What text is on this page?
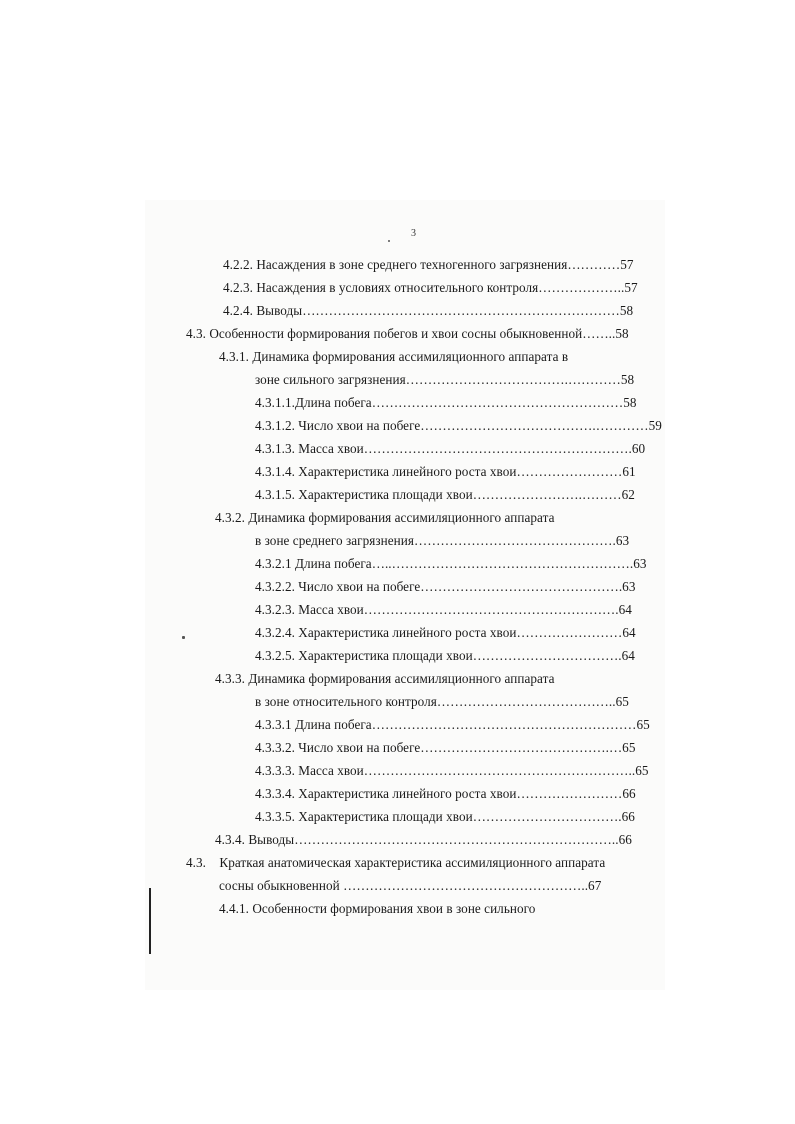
3
4.2.2. Насаждения в зоне среднего техногенного загрязнения…………57
4.2.3. Насаждения в условиях относительного контроля………………..57
4.2.4. Выводы………………………………………………………………58
4.3. Особенности формирования побегов и хвои сосны обыкновенной……..58
4.3.1. Динамика формирования ассимиляционного аппарата в
зоне сильного загрязнения……………………………….…………58
4.3.1.1.Длина побега…………………………………………………58
4.3.1.2. Число хвои на побеге………………………………….…………59
4.3.1.3. Масса хвои…………………………………………………….60
4.3.1.4. Характеристика линейного роста хвои……………………61
4.3.1.5. Характеристика площади хвои…………………….………62
4.3.2. Динамика формирования ассимиляционного аппарата
в зоне среднего загрязнения……………………………………….63
4.3.2.1 Длина побега…..……………………………………………….63
4.3.2.2. Число хвои на побеге……………………………………….63
4.3.2.3. Масса хвои………………………………………………….64
4.3.2.4. Характеристика линейного роста хвои……………………64
4.3.2.5. Характеристика площади хвои…………………………….64
4.3.3. Динамика формирования ассимиляционного аппарата
в зоне относительного контроля…………………………………..65
4.3.3.1 Длина побега……………………………………………………65
4.3.3.2. Число хвои на побеге…………………………………….…65
4.3.3.3. Масса хвои……………………………………………………..65
4.3.3.4. Характеристика линейного роста хвои……………………66
4.3.3.5. Характеристика площади хвои…………………………….66
4.3.4. Выводы………………………………………………………………..66
4.3.    Краткая анатомическая характеристика ассимиляционного аппарата
сосны обыкновенной ………………………………………………..67
4.4.1. Особенности формирования хвои в зоне сильного
